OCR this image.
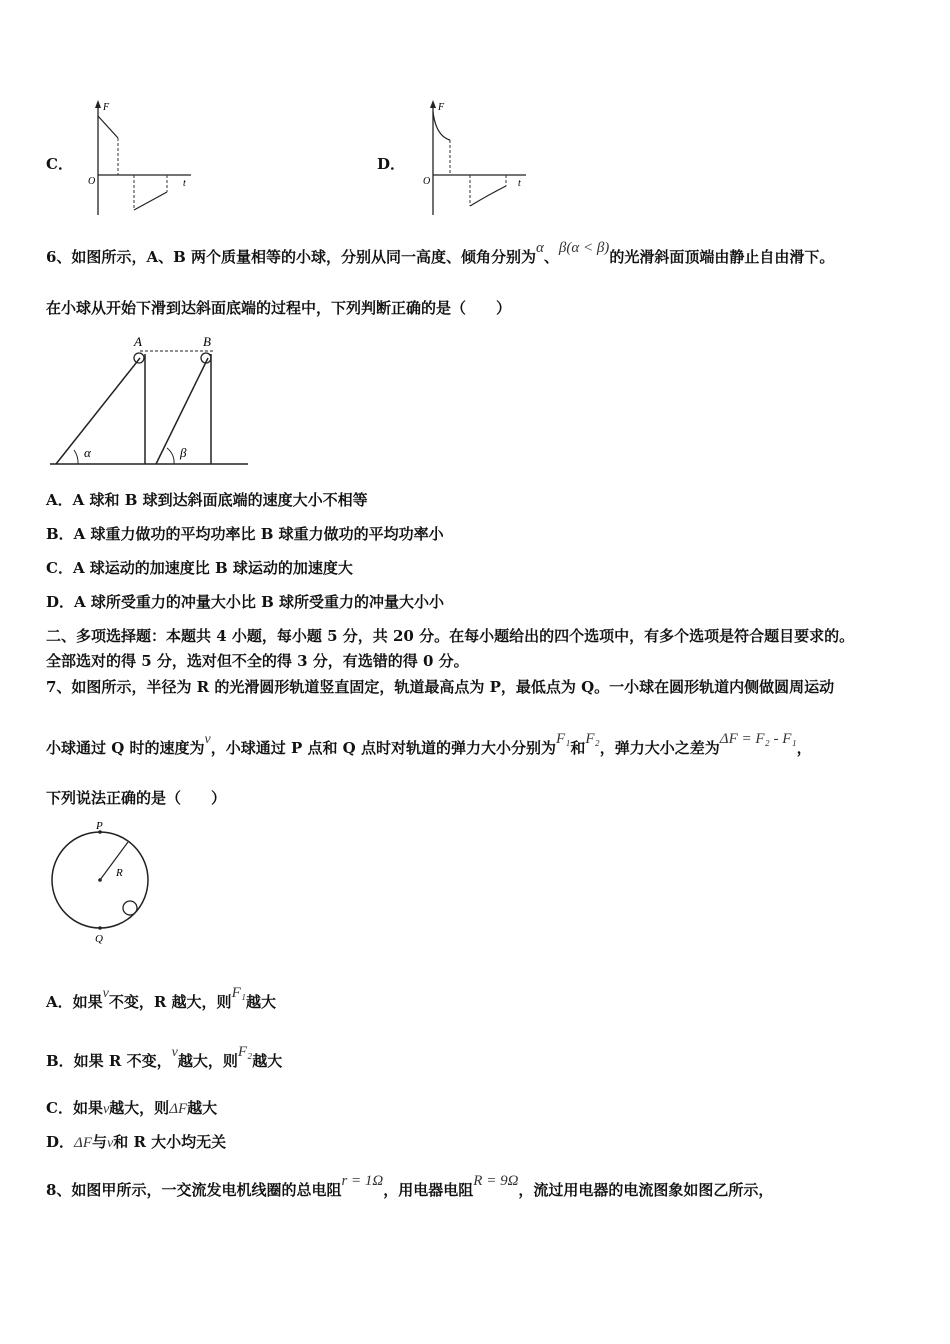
C．
F
t
O
D．
F
t
O
6、如图所示，A、B 两个质量相等的小球，分别从同一高度、倾角分别为α、β(α < β)的光滑斜面顶端由静止自由滑下。
在小球从开始下滑到达斜面底端的过程中，下列判断正确的是（　　）
A	B
α	β
A．A 球和 B 球到达斜面底端的速度大小不相等
B．A 球重力做功的平均功率比 B 球重力做功的平均功率小
C．A 球运动的加速度比 B 球运动的加速度大
D．A 球所受重力的冲量大小比 B 球所受重力的冲量大小小
二、多项选择题：本题共 4 小题，每小题 5 分，共 20 分。在每小题给出的四个选项中，有多个选项是符合题目要求的。
全部选对的得 5 分，选对但不全的得 3 分，有选错的得 0 分。
7、如图所示，半径为 R 的光滑圆形轨道竖直固定，轨道最高点为 P，最低点为 Q。一小球在圆形轨道内侧做圆周运动
小球通过 Q 时的速度为v，小球通过 P 点和 Q 点时对轨道的弹力大小分别为F₁和F₂，弹力大小之差为ΔF = F₂ - F₁，
下列说法正确的是（　　）
P
Q
R
A．如果v不变，R 越大，则F₁越大
B．如果 R 不变，v越大，则F₂越大
C．如果v越大，则ΔF越大
D．ΔF与v和 R 大小均无关
8、如图甲所示，一交流发电机线圈的总电阻r = 1Ω，用电器电阻R = 9Ω，流过用电器的电流图象如图乙所示，
